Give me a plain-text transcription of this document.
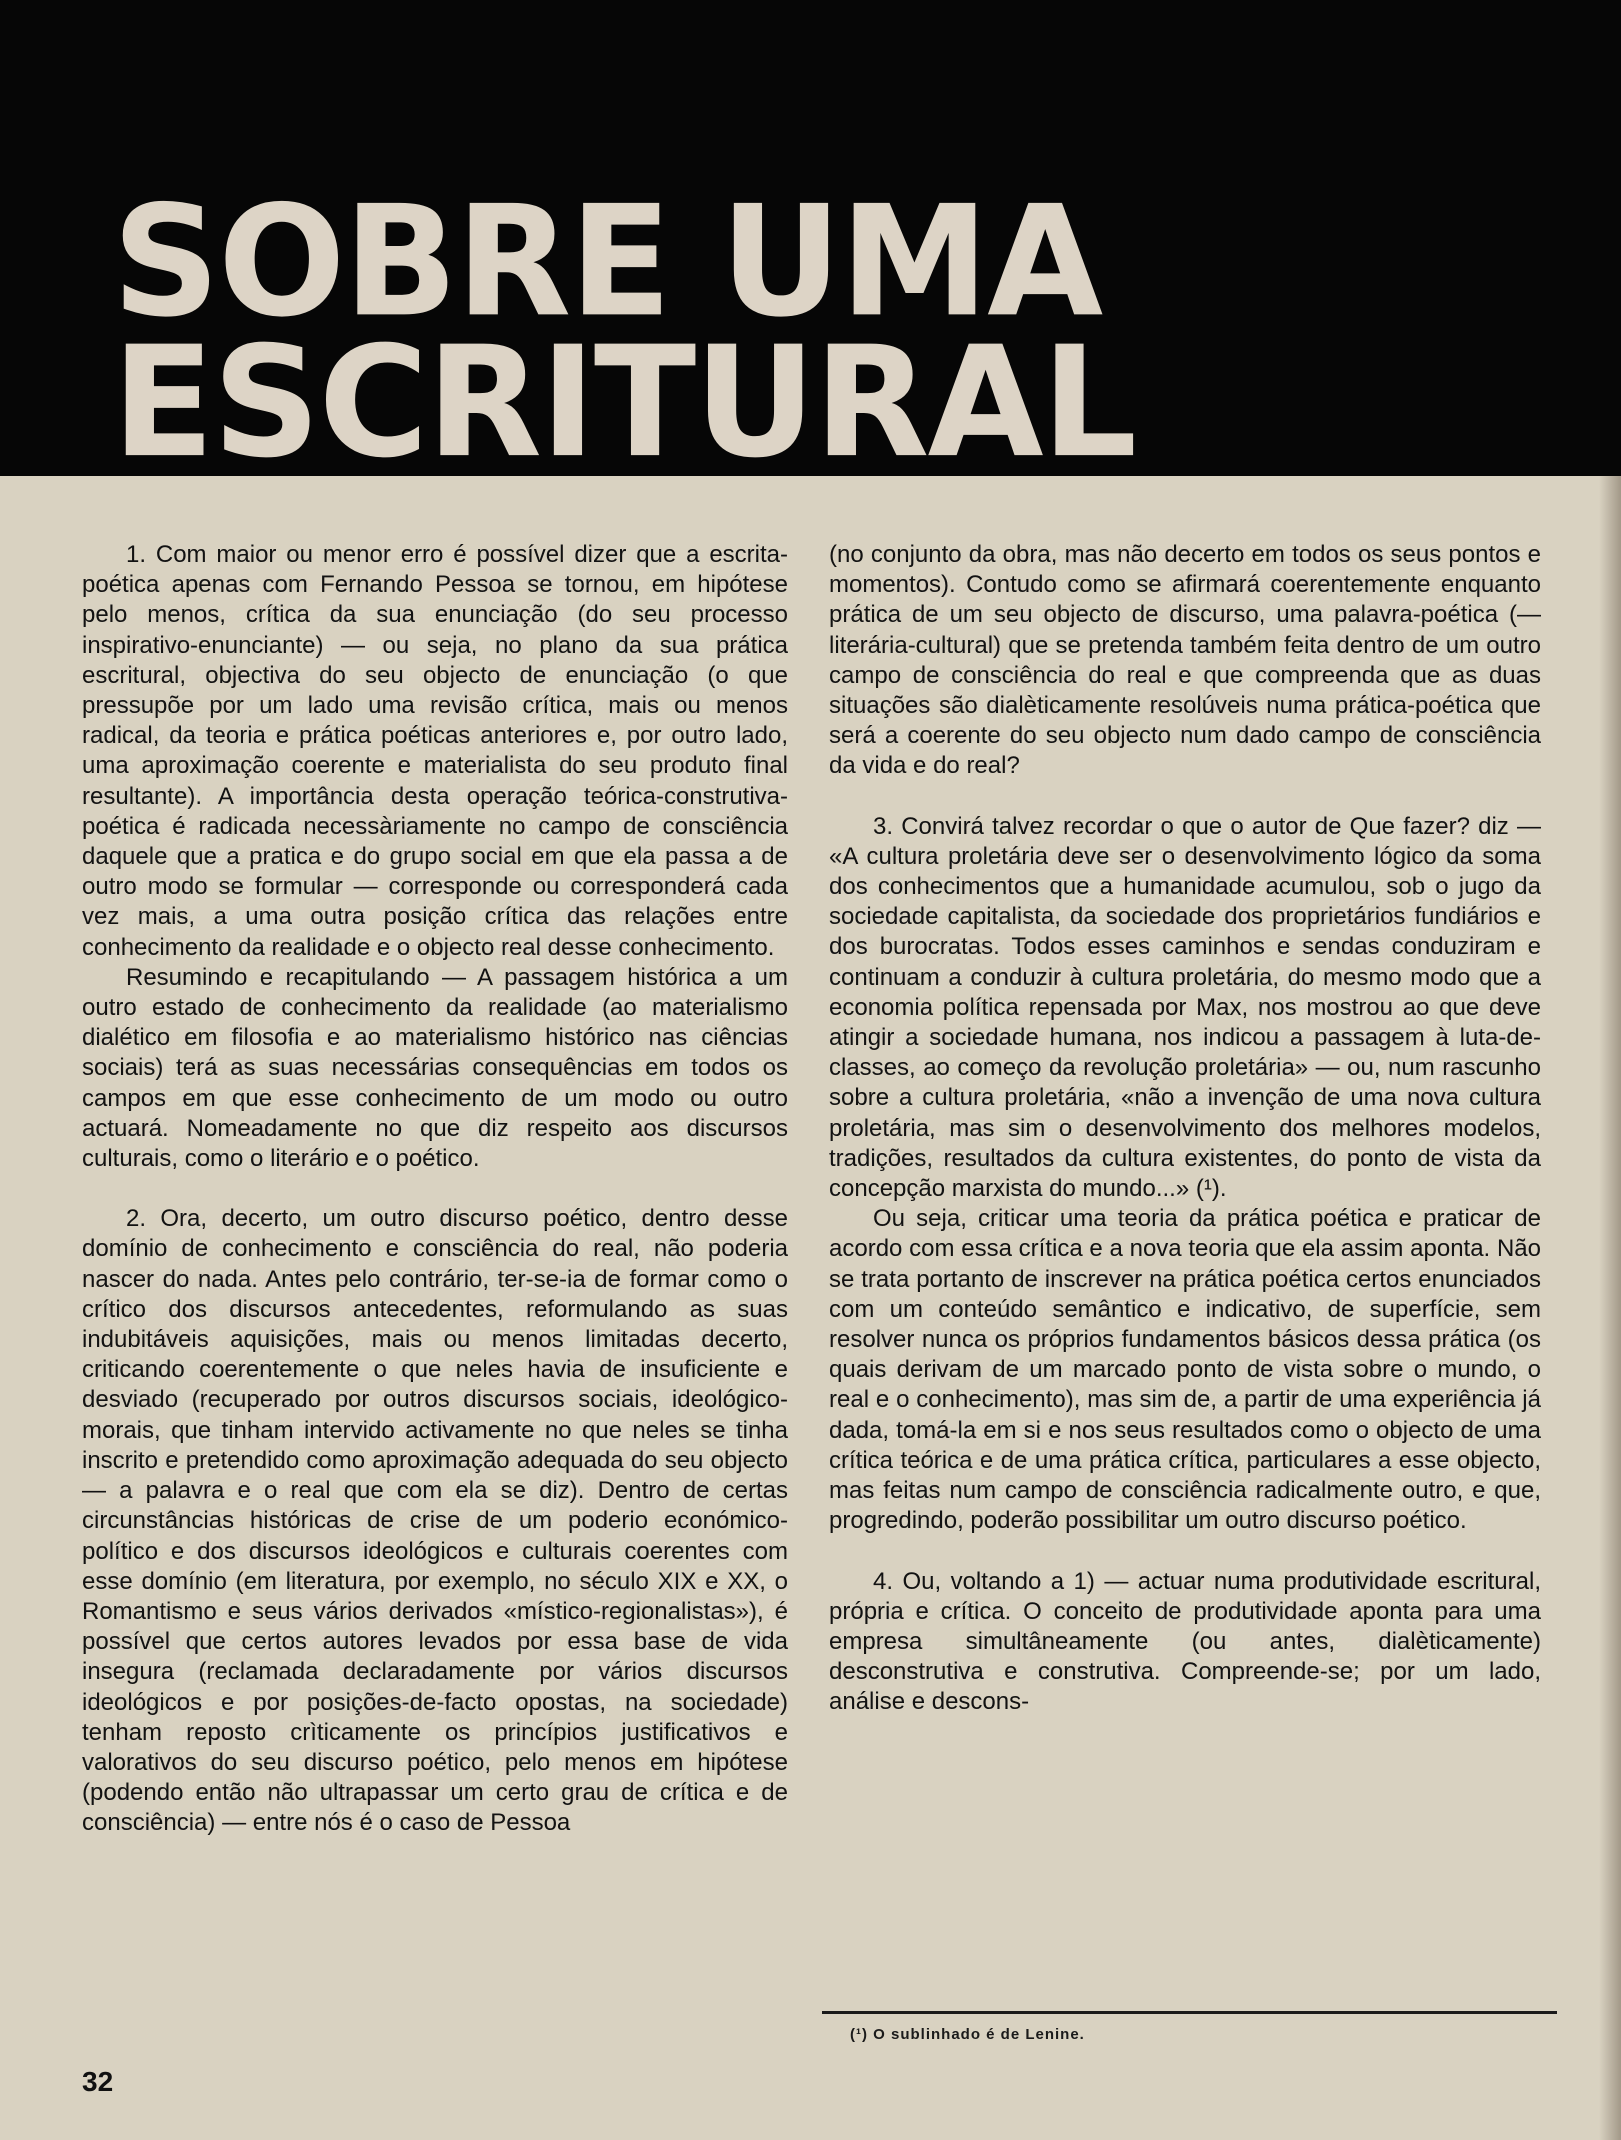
SOBRE UMA
ESCRITURAL

1. Com maior ou menor erro é possível dizer que a escrita-poética apenas com Fernando Pessoa se tornou, em hipótese pelo menos, crítica da sua enunciação (do seu processo inspirativo-enunciante) — ou seja, no plano da sua prática escritural, objectiva do seu objecto de enunciação (o que pressupõe por um lado uma revisão crítica, mais ou menos radical, da teoria e prática poéticas anteriores e, por outro lado, uma aproximação coerente e materialista do seu produto final resultante). A importância desta operação teórica-construtiva-poética é radicada necessàriamente no campo de consciência daquele que a pratica e do grupo social em que ela passa a de outro modo se formular — corresponde ou corresponderá cada vez mais, a uma outra posição crítica das relações entre conhecimento da realidade e o objecto real desse conhecimento.

Resumindo e recapitulando — A passagem histórica a um outro estado de conhecimento da realidade (ao materialismo dialético em filosofia e ao materialismo histórico nas ciências sociais) terá as suas necessárias consequências em todos os campos em que esse conhecimento de um modo ou outro actuará. Nomeadamente no que diz respeito aos discursos culturais, como o literário e o poético.

2. Ora, decerto, um outro discurso poético, dentro desse domínio de conhecimento e consciência do real, não poderia nascer do nada. Antes pelo contrário, ter-se-ia de formar como o crítico dos discursos antecedentes, reformulando as suas indubitáveis aquisições, mais ou menos limitadas decerto, criticando coerentemente o que neles havia de insuficiente e desviado (recuperado por outros discursos sociais, ideológico-morais, que tinham intervido activamente no que neles se tinha inscrito e pretendido como aproximação adequada do seu objecto — a palavra e o real que com ela se diz). Dentro de certas circunstâncias históricas de crise de um poderio económico-político e dos discursos ideológicos e culturais coerentes com esse domínio (em literatura, por exemplo, no século XIX e XX, o Romantismo e seus vários derivados «místico-regionalistas»), é possível que certos autores levados por essa base de vida insegura (reclamada declaradamente por vários discursos ideológicos e por posições-de-facto opostas, na sociedade) tenham reposto crìticamente os princípios justificativos e valorativos do seu discurso poético, pelo menos em hipótese (podendo então não ultrapassar um certo grau de crítica e de consciência) — entre nós é o caso de Pessoa

(no conjunto da obra, mas não decerto em todos os seus pontos e momentos). Contudo como se afirmará coerentemente enquanto prática de um seu objecto de discurso, uma palavra-poética (— literária-cultural) que se pretenda também feita dentro de um outro campo de consciência do real e que compreenda que as duas situações são dialèticamente resolúveis numa prática-poética que será a coerente do seu objecto num dado campo de consciência da vida e do real?

3. Convirá talvez recordar o que o autor de Que fazer? diz — «A cultura proletária deve ser o desenvolvimento lógico da soma dos conhecimentos que a humanidade acumulou, sob o jugo da sociedade capitalista, da sociedade dos proprietários fundiários e dos burocratas. Todos esses caminhos e sendas conduziram e continuam a conduzir à cultura proletária, do mesmo modo que a economia política repensada por Max, nos mostrou ao que deve atingir a sociedade humana, nos indicou a passagem à luta-de-classes, ao começo da revolução proletária» — ou, num rascunho sobre a cultura proletária, «não a invenção de uma nova cultura proletária, mas sim o desenvolvimento dos melhores modelos, tradições, resultados da cultura existentes, do ponto de vista da concepção marxista do mundo...» (¹).

Ou seja, criticar uma teoria da prática poética e praticar de acordo com essa crítica e a nova teoria que ela assim aponta. Não se trata portanto de inscrever na prática poética certos enunciados com um conteúdo semântico e indicativo, de superfície, sem resolver nunca os próprios fundamentos básicos dessa prática (os quais derivam de um marcado ponto de vista sobre o mundo, o real e o conhecimento), mas sim de, a partir de uma experiência já dada, tomá-la em si e nos seus resultados como o objecto de uma crítica teórica e de uma prática crítica, particulares a esse objecto, mas feitas num campo de consciência radicalmente outro, e que, progredindo, poderão possibilitar um outro discurso poético.

4. Ou, voltando a 1) — actuar numa produtividade escritural, própria e crítica. O conceito de produtividade aponta para uma empresa simultâneamente (ou antes, dialèticamente) desconstrutiva e construtiva. Compreende-se; por um lado, análise e descons-

(¹) O sublinhado é de Lenine.
32
